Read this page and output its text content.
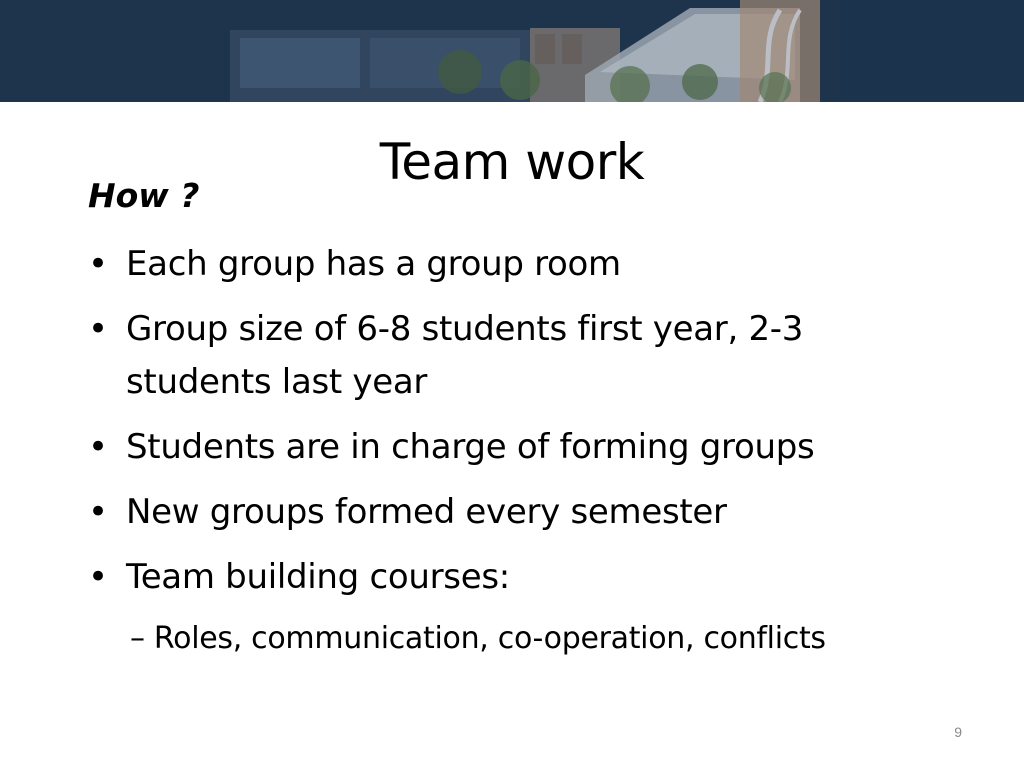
Team work
How ?
• Each group has a group room
• Group size of 6-8 students first year, 2-3 students last year
• Students are in charge of forming groups
• New groups formed every semester
• Team building courses:
– Roles, communication, co-operation, conflicts
9
